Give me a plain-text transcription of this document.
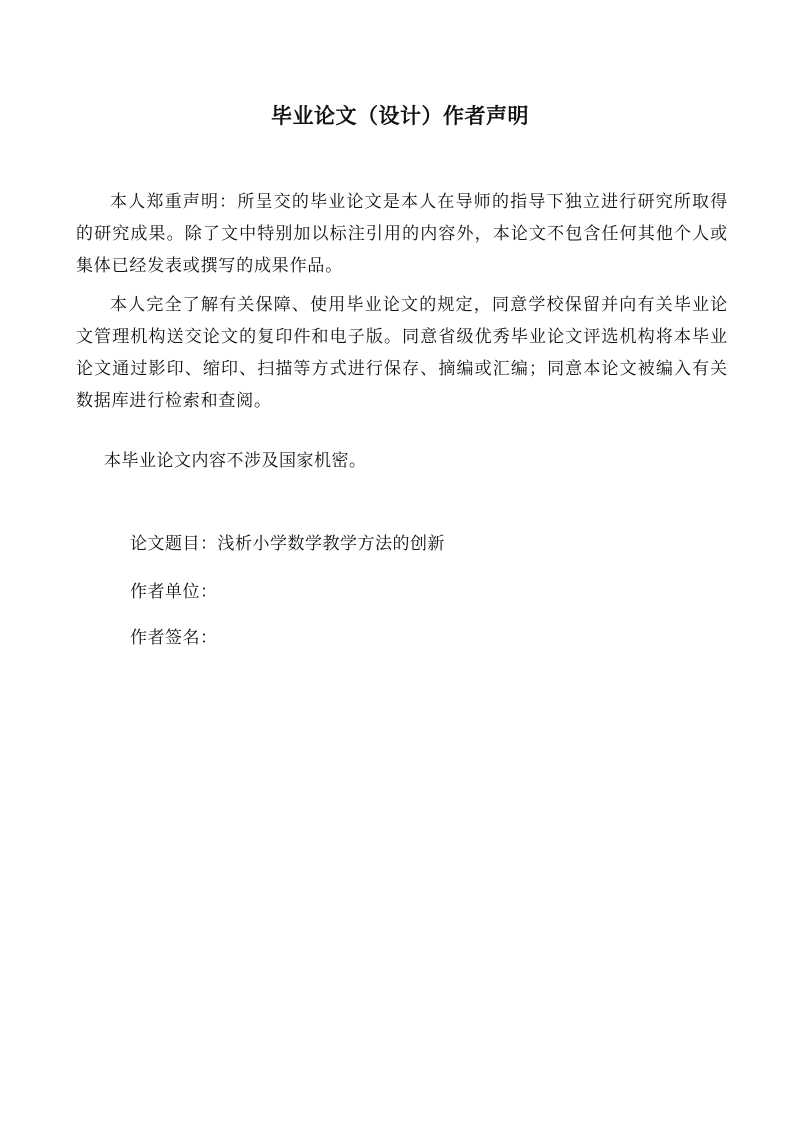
毕业论文（设计）作者声明

本人郑重声明：所呈交的毕业论文是本人在导师的指导下独立进行研究所取得的研究成果。除了文中特别加以标注引用的内容外，本论文不包含任何其他个人或集体已经发表或撰写的成果作品。

本人完全了解有关保障、使用毕业论文的规定，同意学校保留并向有关毕业论文管理机构送交论文的复印件和电子版。同意省级优秀毕业论文评选机构将本毕业论文通过影印、缩印、扫描等方式进行保存、摘编或汇编；同意本论文被编入有关数据库进行检索和查阅。

本毕业论文内容不涉及国家机密。
论文题目：浅析小学数学教学方法的创新
作者单位：
作者签名：
